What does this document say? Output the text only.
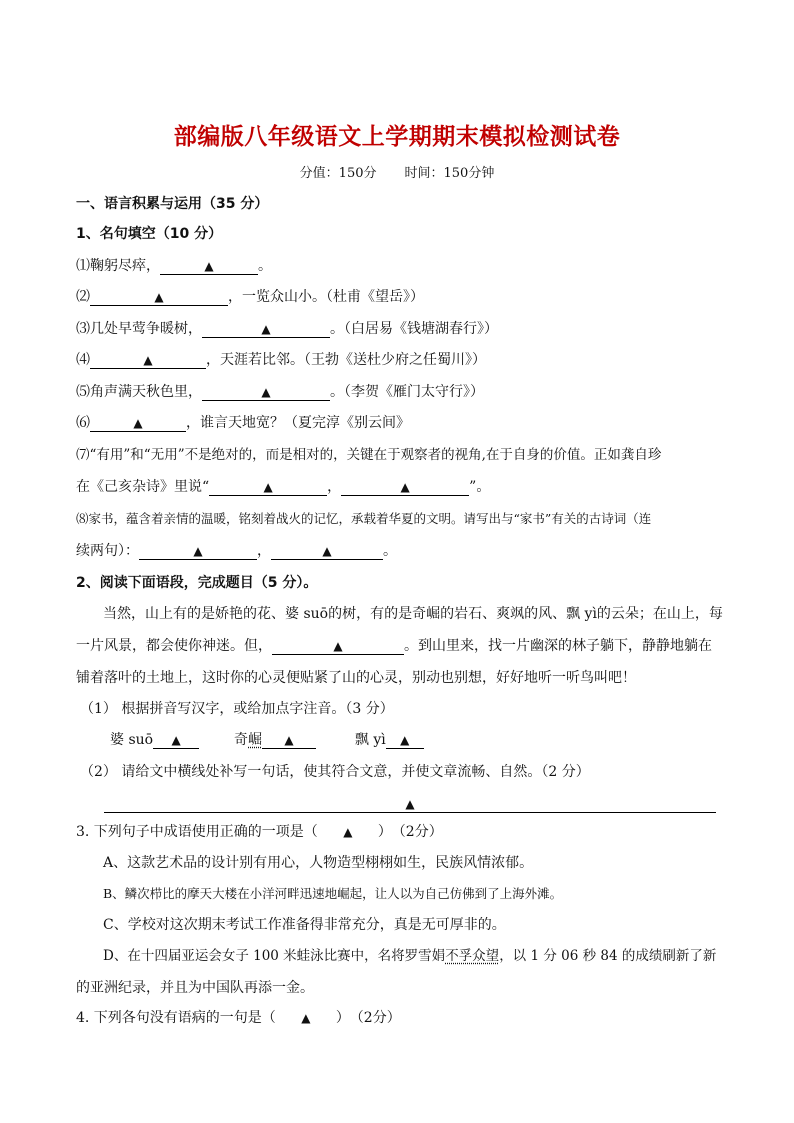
部编版八年级语文上学期期末模拟检测试卷
分值：150分 时间：150分钟
一、语言积累与运用（35 分）
1、名句填空（10 分）
⑴鞠躬尽瘁，	▲	。
⑵	▲	，一览众山小。（杜甫《望岳》）
⑶几处早莺争暖树，	▲	。（白居易《钱塘湖春行》）
⑷	▲	，天涯若比邻。（王勃《送杜少府之任蜀川》）
⑸角声满天秋色里，	▲	。（李贺《雁门太守行》）
⑹	▲	，谁言天地宽？（夏完淳《别云间》
⑺“有用”和“无用”不是绝对的，而是相对的，关键在于观察者的视角,在于自身的价值。正如龚自珍
在《己亥杂诗》里说“	▲	，	▲	”。
⑻家书，蕴含着亲情的温暖，铭刻着战火的记忆，承载着华夏的文明。请写出与“家书”有关的古诗词（连
续两句）：	▲	，	▲	。
2、阅读下面语段，完成题目（5 分）。
当然，山上有的是娇艳的花、婆 suō的树，有的是奇崛的岩石、爽飒的风、飘 yì的云朵；在山上，每
一片风景，都会使你神迷。但，	▲	。到山里来，找一片幽深的林子躺下，静静地躺在
铺着落叶的土地上，这时你的心灵便贴紧了山的心灵，别动也别想，好好地听一听鸟叫吧！
（1） 根据拼音写汉字，或给加点字注音。（3 分）
婆 suō ▲	奇崛 ▲	飘 yì ▲
（2） 请给文中横线处补写一句话，使其符合文意，并使文章流畅、自然。（2 分）
▲
3. 下列句子中成语使用正确的一项是（ ▲ ）　（2分）
A、这款艺术品的设计别有用心，人物造型栩栩如生，民族风情浓郁。
B、鳞次栉比的摩天大楼在小洋河畔迅速地崛起，让人以为自己仿佛到了上海外滩。
C、学校对这次期末考试工作准备得非常充分，真是无可厚非的。
D、在十四届亚运会女子 100 米蛙泳比赛中，名将罗雪娟不孚众望，以 1 分 06 秒 84 的成绩刷新了新
的亚洲纪录，并且为中国队再添一金。
4. 下列各句没有语病的一句是（ ▲ ）　（2分）
